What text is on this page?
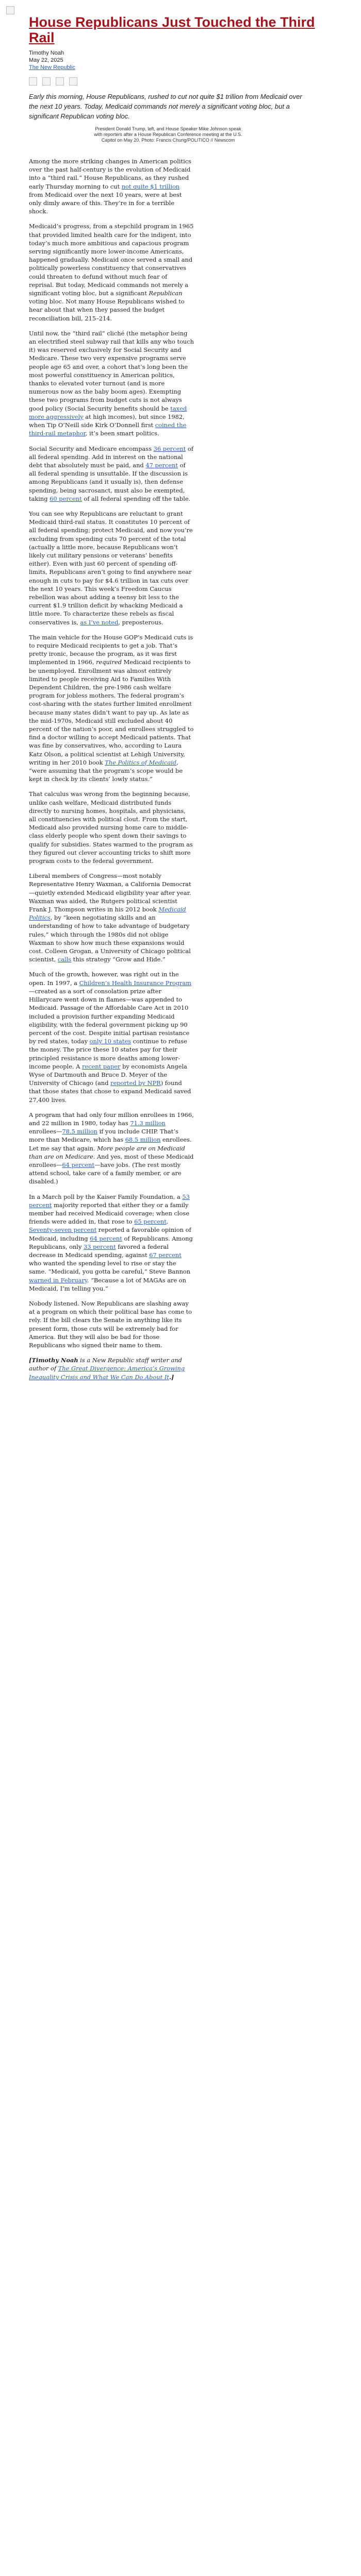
House Republicans Just Touched the Third Rail
Timothy Noah
May 22, 2025
The New Republic
Early this morning, House Republicans, rushed to cut not quite $1 trillion from Medicaid over the next 10 years. Today, Medicaid commands not merely a significant voting bloc, but a significant Republican voting bloc.
President Donald Trump, left, and House Speaker Mike Johnson speak with reporters after a House Republican Conference meeting at the U.S. Capitol on May 20. Photo: Francis Chung/POLITICO // Newscom

Among the more striking changes in American politics over the past half-century is the evolution of Medicaid into a “third rail.” House Republicans, as they rushed early Thursday morning to cut not quite $1 trillion from Medicaid over the next 10 years, were at best only dimly aware of this. They’re in for a terrible shock.

Medicaid’s progress, from a stepchild program in 1965 that provided limited health care for the indigent, into today’s much more ambitious and capacious program serving significantly more lower-income Americans, happened gradually. Medicaid once served a small and politically powerless constituency that conservatives could threaten to defund without much fear of reprisal. But today, Medicaid commands not merely a significant voting bloc, but a significant Republican voting bloc. Not many House Republicans wished to hear about that when they passed the budget reconciliation bill, 215–214.

Until now, the “third rail” cliché (the metaphor being an electrified steel subway rail that kills any who touch it) was reserved exclusively for Social Security and Medicare. These two very expensive programs serve people age 65 and over, a cohort that’s long been the most powerful constituency in American politics, thanks to elevated voter turnout (and is more numerous now as the baby boom ages). Exempting these two programs from budget cuts is not always good policy (Social Security benefits should be taxed more aggressively at high incomes), but since 1982, when Tip O’Neill side Kirk O’Donnell first coined the third-rail metaphor, it’s been smart politics.

Social Security and Medicare encompass 36 percent of all federal spending. Add in interest on the national debt that absolutely must be paid, and 47 percent of all federal spending is unsuttable. If the discussion is among Republicans (and it usually is), then defense spending, being sacrosanct, must also be exempted, taking 60 percent of all federal spending off the table.

You can see why Republicans are reluctant to grant Medicaid third-rail status. It constitutes 10 percent of all federal spending; protect Medicaid, and now you’re excluding from spending cuts 70 percent of the total (actually a little more, because Republicans won’t likely cut military pensions or veterans’ benefits either). Even with just 60 percent of spending off-limits, Republicans aren’t going to find anywhere near enough in cuts to pay for $4.6 trillion in tax cuts over the next 10 years. This week’s Freedom Caucus rebellion was about adding a teensy bit less to the current $1.9 trillion deficit by whacking Medicaid a little more. To characterize these rebels as fiscal conservatives is, as I’ve noted, preposterous.

The main vehicle for the House GOP’s Medicaid cuts is to require Medicaid recipients to get a job. That’s pretty ironic, because the program, as it was first implemented in 1966, required Medicaid recipients to be unemployed. Enrollment was almost entirely limited to people receiving Aid to Families With Dependent Children, the pre-1986 cash welfare program for jobless mothers. The federal program’s cost-sharing with the states further limited enrollment because many states didn’t want to pay up. As late as the mid-1970s, Medicaid still excluded about 40 percent of the nation’s poor, and enrollees struggled to find a doctor willing to accept Medicaid patients. That was fine by conservatives, who, according to Laura Katz Olson, a political scientist at Lehigh University, writing in her 2010 book The Politics of Medicaid, “were assuming that the program’s scope would be kept in check by its clients’ lowly status.”

That calculus was wrong from the beginning because, unlike cash welfare, Medicaid distributed funds directly to nursing homes, hospitals, and physicians, all constituencies with political clout. From the start, Medicaid also provided nursing home care to middle-class elderly people who spent down their savings to qualify for subsidies. States warmed to the program as they figured out clever accounting tricks to shift more program costs to the federal government.

Liberal members of Congress—most notably Representative Henry Waxman, a California Democrat—quietly extended Medicaid eligibility year after year. Waxman was aided, the Rutgers political scientist Frank J. Thompson writes in his 2012 book Medicaid Politics, by “keen negotiating skills and an understanding of how to take advantage of budgetary rules,” which through the 1980s did not oblige Waxman to show how much these expansions would cost. Colleen Grogan, a University of Chicago political scientist, calls this strategy “Grow and Hide.”

Much of the growth, however, was right out in the open. In 1997, a Children’s Health Insurance Program—created as a sort of consolation prize after Hillarycare went down in flames—was appended to Medicaid. Passage of the Affordable Care Act in 2010 included a provision further expanding Medicaid eligibility, with the federal government picking up 90 percent of the cost. Despite initial partisan resistance by red states, today only 10 states continue to refuse the money. The price these 10 states pay for their principled resistance is more deaths among lower-income people. A recent paper by economists Angela Wyse of Dartmouth and Bruce D. Meyer of the University of Chicago (and reported by NPR) found that those states that chose to expand Medicaid saved 27,400 lives.

A program that had only four million enrollees in 1966, and 22 million in 1980, today has 71.3 million enrollees—78.5 million if you include CHIP. That’s more than Medicare, which has 68.5 million enrollees. Let me say that again. More people are on Medicaid than are on Medicare. And yes, most of these Medicaid enrollees—64 percent—have jobs. (The rest mostly attend school, take care of a family member, or are disabled.)

In a March poll by the Kaiser Family Foundation, a 53 percent majority reported that either they or a family member had received Medicaid coverage; when close friends were added in, that rose to 65 percent. Seventy-seven percent reported a favorable opinion of Medicaid, including 64 percent of Republicans. Among Republicans, only 33 percent favored a federal decrease in Medicaid spending, against 67 percent who wanted the spending level to rise or stay the same. “Medicaid, you gotta be careful,” Steve Bannon warned in February. “Because a lot of MAGAs are on Medicaid, I’m telling you.”

Nobody listened. Now Republicans are slashing away at a program on which their political base has come to rely. If the bill clears the Senate in anything like its present form, those cuts will be extremely bad for America. But they will also be bad for those Republicans who signed their name to them.

[Timothy Noah is a New Republic staff writer and author of The Great Divergence: America’s Growing Inequality Crisis and What We Can Do About It.]
